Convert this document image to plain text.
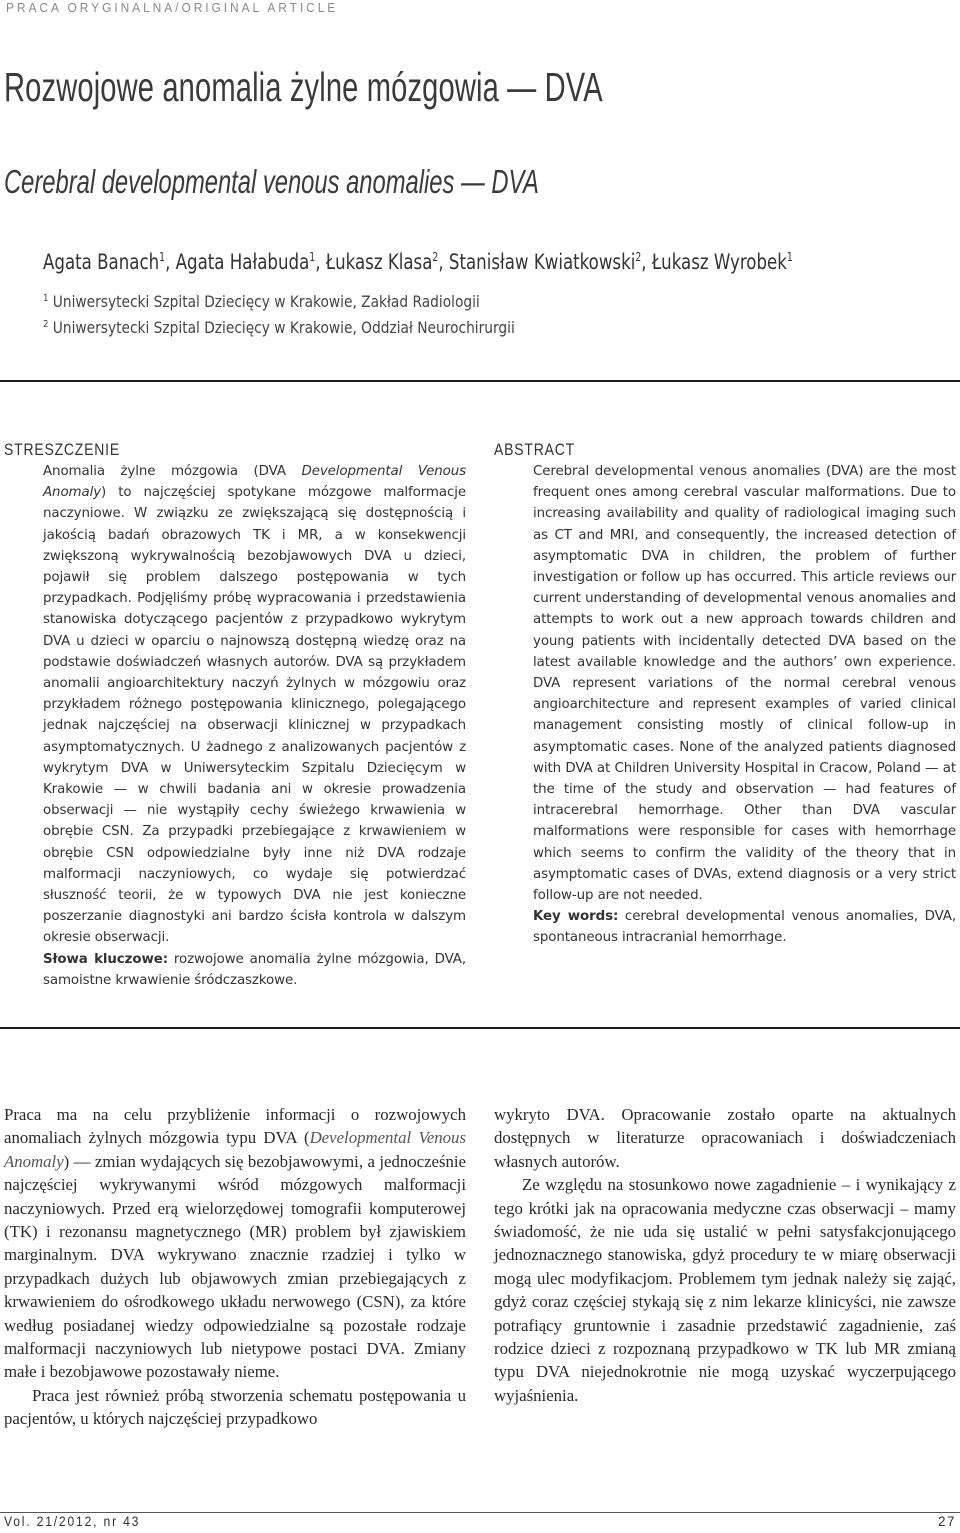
PRACA ORYGINALNA/ORIGINAL ARTICLE
Rozwojowe anomalia żylne mózgowia — DVA
Cerebral developmental venous anomalies — DVA
Agata Banach$^1$, Agata Hałabuda$^1$, Łukasz Klasa$^2$, Stanisław Kwiatkowski$^2$, Łukasz Wyrobek$^1$
$^1$ Uniwersytecki Szpital Dziecięcy w Krakowie, Zakład Radiologii
$^2$ Uniwersytecki Szpital Dziecięcy w Krakowie, Oddział Neurochirurgii
STRESZCZENIE

Anomalia żylne mózgowia (DVA Developmental Venous Anomaly) to najczęściej spotykane mózgowe malformacje naczyniowe. W związku ze zwiększającą się dostępnością i jakością badań obrazowych TK i MR, a w konsekwencji zwiększoną wykrywalnością bezobjawowych DVA u dzieci, pojawił się problem dalszego postępowania w tych przypadkach. Podjęliśmy próbę wypracowania i przedstawienia stanowiska dotyczącego pacjentów z przypadkowo wykrytym DVA u dzieci w oparciu o najnowszą dostępną wiedzę oraz na podstawie doświadczeń własnych autorów. DVA są przykładem anomalii angioarchitektury naczyń żylnych w mózgowiu oraz przykładem różnego postępowania klinicznego, polegającego jednak najczęściej na obserwacji klinicznej w przypadkach asymptomatycznych. U żadnego z analizowanych pacjentów z wykrytym DVA w Uniwersyteckim Szpitalu Dziecięcym w Krakowie — w chwili badania ani w okresie prowadzenia obserwacji — nie wystąpiły cechy świeżego krwawienia w obrębie CSN. Za przypadki przebiegające z krwawieniem w obrębie CSN odpowiedzialne były inne niż DVA rodzaje malformacji naczyniowych, co wydaje się potwierdzać słuszność teorii, że w typowych DVA nie jest konieczne poszerzanie diagnostyki ani bardzo ścisła kontrola w dalszym okresie obserwacji.

Słowa kluczowe: rozwojowe anomalia żylne mózgowia, DVA, samoistne krwawienie śródczaszkowe.

ABSTRACT

Cerebral developmental venous anomalies (DVA) are the most frequent ones among cerebral vascular malformations. Due to increasing availability and quality of radiological imaging such as CT and MRI, and consequently, the increased detection of asymptomatic DVA in children, the problem of further investigation or follow up has occurred. This article reviews our current understanding of developmental venous anomalies and attempts to work out a new approach towards children and young patients with incidentally detected DVA based on the latest available knowledge and the authors’ own experience. DVA represent variations of the normal cerebral venous angioarchitecture and represent examples of varied clinical management consisting mostly of clinical follow-up in asymptomatic cases. None of the analyzed patients diagnosed with DVA at Children University Hospital in Cracow, Poland — at the time of the study and observation — had features of intracerebral hemorrhage. Other than DVA vascular malformations were responsible for cases with hemorrhage which seems to confirm the validity of the theory that in asymptomatic cases of DVAs, extend diagnosis or a very strict follow-up are not needed.

Key words: cerebral developmental venous anomalies, DVA, spontaneous intracranial hemorrhage.

Praca ma na celu przybliżenie informacji o rozwojowych anomaliach żylnych mózgowia typu DVA (Developmental Venous Anomaly) — zmian wydających się bezobjawowymi, a jednocześnie najczęściej wykrywanymi wśród mózgowych malformacji naczyniowych. Przed erą wielorzędowej tomografii komputerowej (TK) i rezonansu magnetycznego (MR) problem był zjawiskiem marginalnym. DVA wykrywano znacznie rzadziej i tylko w przypadkach dużych lub objawowych zmian przebiegających z krwawieniem do ośrodkowego układu nerwowego (CSN), za które według posiadanej wiedzy odpowiedzialne są pozostałe rodzaje malformacji naczyniowych lub nietypowe postaci DVA. Zmiany małe i bezobjawowe pozostawały nieme.

Praca jest również próbą stworzenia schematu postępowania u pacjentów, u których najczęściej przypadkowo

wykryto DVA. Opracowanie zostało oparte na aktualnych dostępnych w literaturze opracowaniach i doświadczeniach własnych autorów.

Ze względu na stosunkowo nowe zagadnienie – i wynikający z tego krótki jak na opracowania medyczne czas obserwacji – mamy świadomość, że nie uda się ustalić w pełni satysfakcjonującego jednoznacznego stanowiska, gdyż procedury te w miarę obserwacji mogą ulec modyfikacjom. Problemem tym jednak należy się zająć, gdyż coraz częściej stykają się z nim lekarze klinicyści, nie zawsze potrafiący gruntownie i zasadnie przedstawić zagadnienie, zaś rodzice dzieci z rozpoznaną przypadkowo w TK lub MR zmianą typu DVA niejednokrotnie nie mogą uzyskać wyczerpującego wyjaśnienia.

Vol. 21/2012, nr 43	27
